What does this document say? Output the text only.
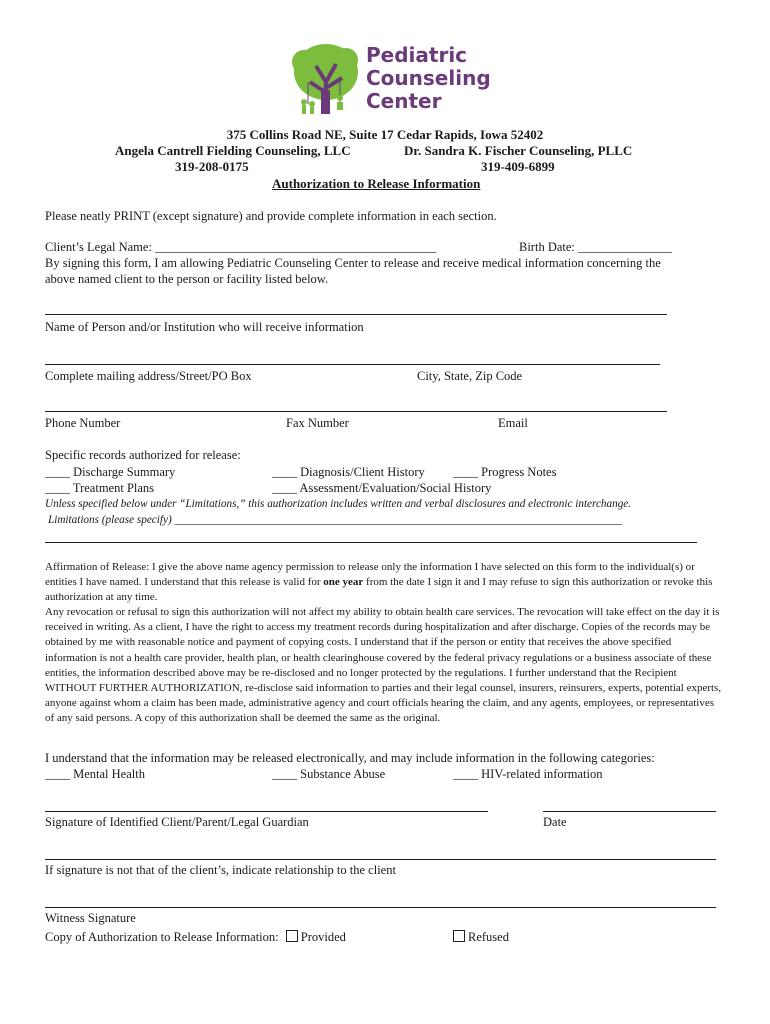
Pediatric
Counseling
Center
375 Collins Road NE, Suite 17 Cedar Rapids, Iowa 52402
Angela Cantrell Fielding Counseling, LLC	Dr. Sandra K. Fischer Counseling, PLLC
319-208-0175	319-409-6899
Authorization to Release Information
Please neatly PRINT (except signature) and provide complete information in each section.
Client’s Legal Name: _____________________________________________	Birth Date: _______________
By signing this form, I am allowing Pediatric Counseling Center to release and receive medical information concerning the
above named client to the person or facility listed below.
Name of Person and/or Institution who will receive information
Complete mailing address/Street/PO Box	City, State, Zip Code
Phone Number	Fax Number	Email
Specific records authorized for release:
____ Discharge Summary	____ Diagnosis/Client History ____ Progress Notes
____ Treatment Plans	____ Assessment/Evaluation/Social History
Unless specified below under “Limitations,” this authorization includes written and verbal disclosures and electronic interchange.
Limitations (please specify) ________________________________________________________________________________
Affirmation of Release: I give the above name agency permission to release only the information I have selected on this form to the individual(s) or entities I have named. I understand that this release is valid for one year from the date I sign it and I may refuse to sign this authorization or revoke this authorization at any time.
Any revocation or refusal to sign this authorization will not affect my ability to obtain health care services. The revocation will take effect on the day it is received in writing. As a client, I have the right to access my treatment records during hospitalization and after discharge. Copies of the records may be obtained by me with reasonable notice and payment of copying costs. I understand that if the person or entity that receives the above specified information is not a health care provider, health plan, or health clearinghouse covered by the federal privacy regulations or a business associate of these entities, the information described above may be re-disclosed and no longer protected by the regulations. I further understand that the Recipient WITHOUT FURTHER AUTHORIZATION, re-disclose said information to parties and their legal counsel, insurers, reinsurers, experts, potential experts, anyone against whom a claim has been made, administrative agency and court officials hearing the claim, and any agents, employees, or representatives of any said persons. A copy of this authorization shall be deemed the same as the original.
I understand that the information may be released electronically, and may include information in the following categories:
____ Mental Health	____ Substance Abuse	____ HIV-related information
Signature of Identified Client/Parent/Legal Guardian	Date
If signature is not that of the client’s, indicate relationship to the client
Witness Signature
Copy of Authorization to Release Information: Provided	Refused
